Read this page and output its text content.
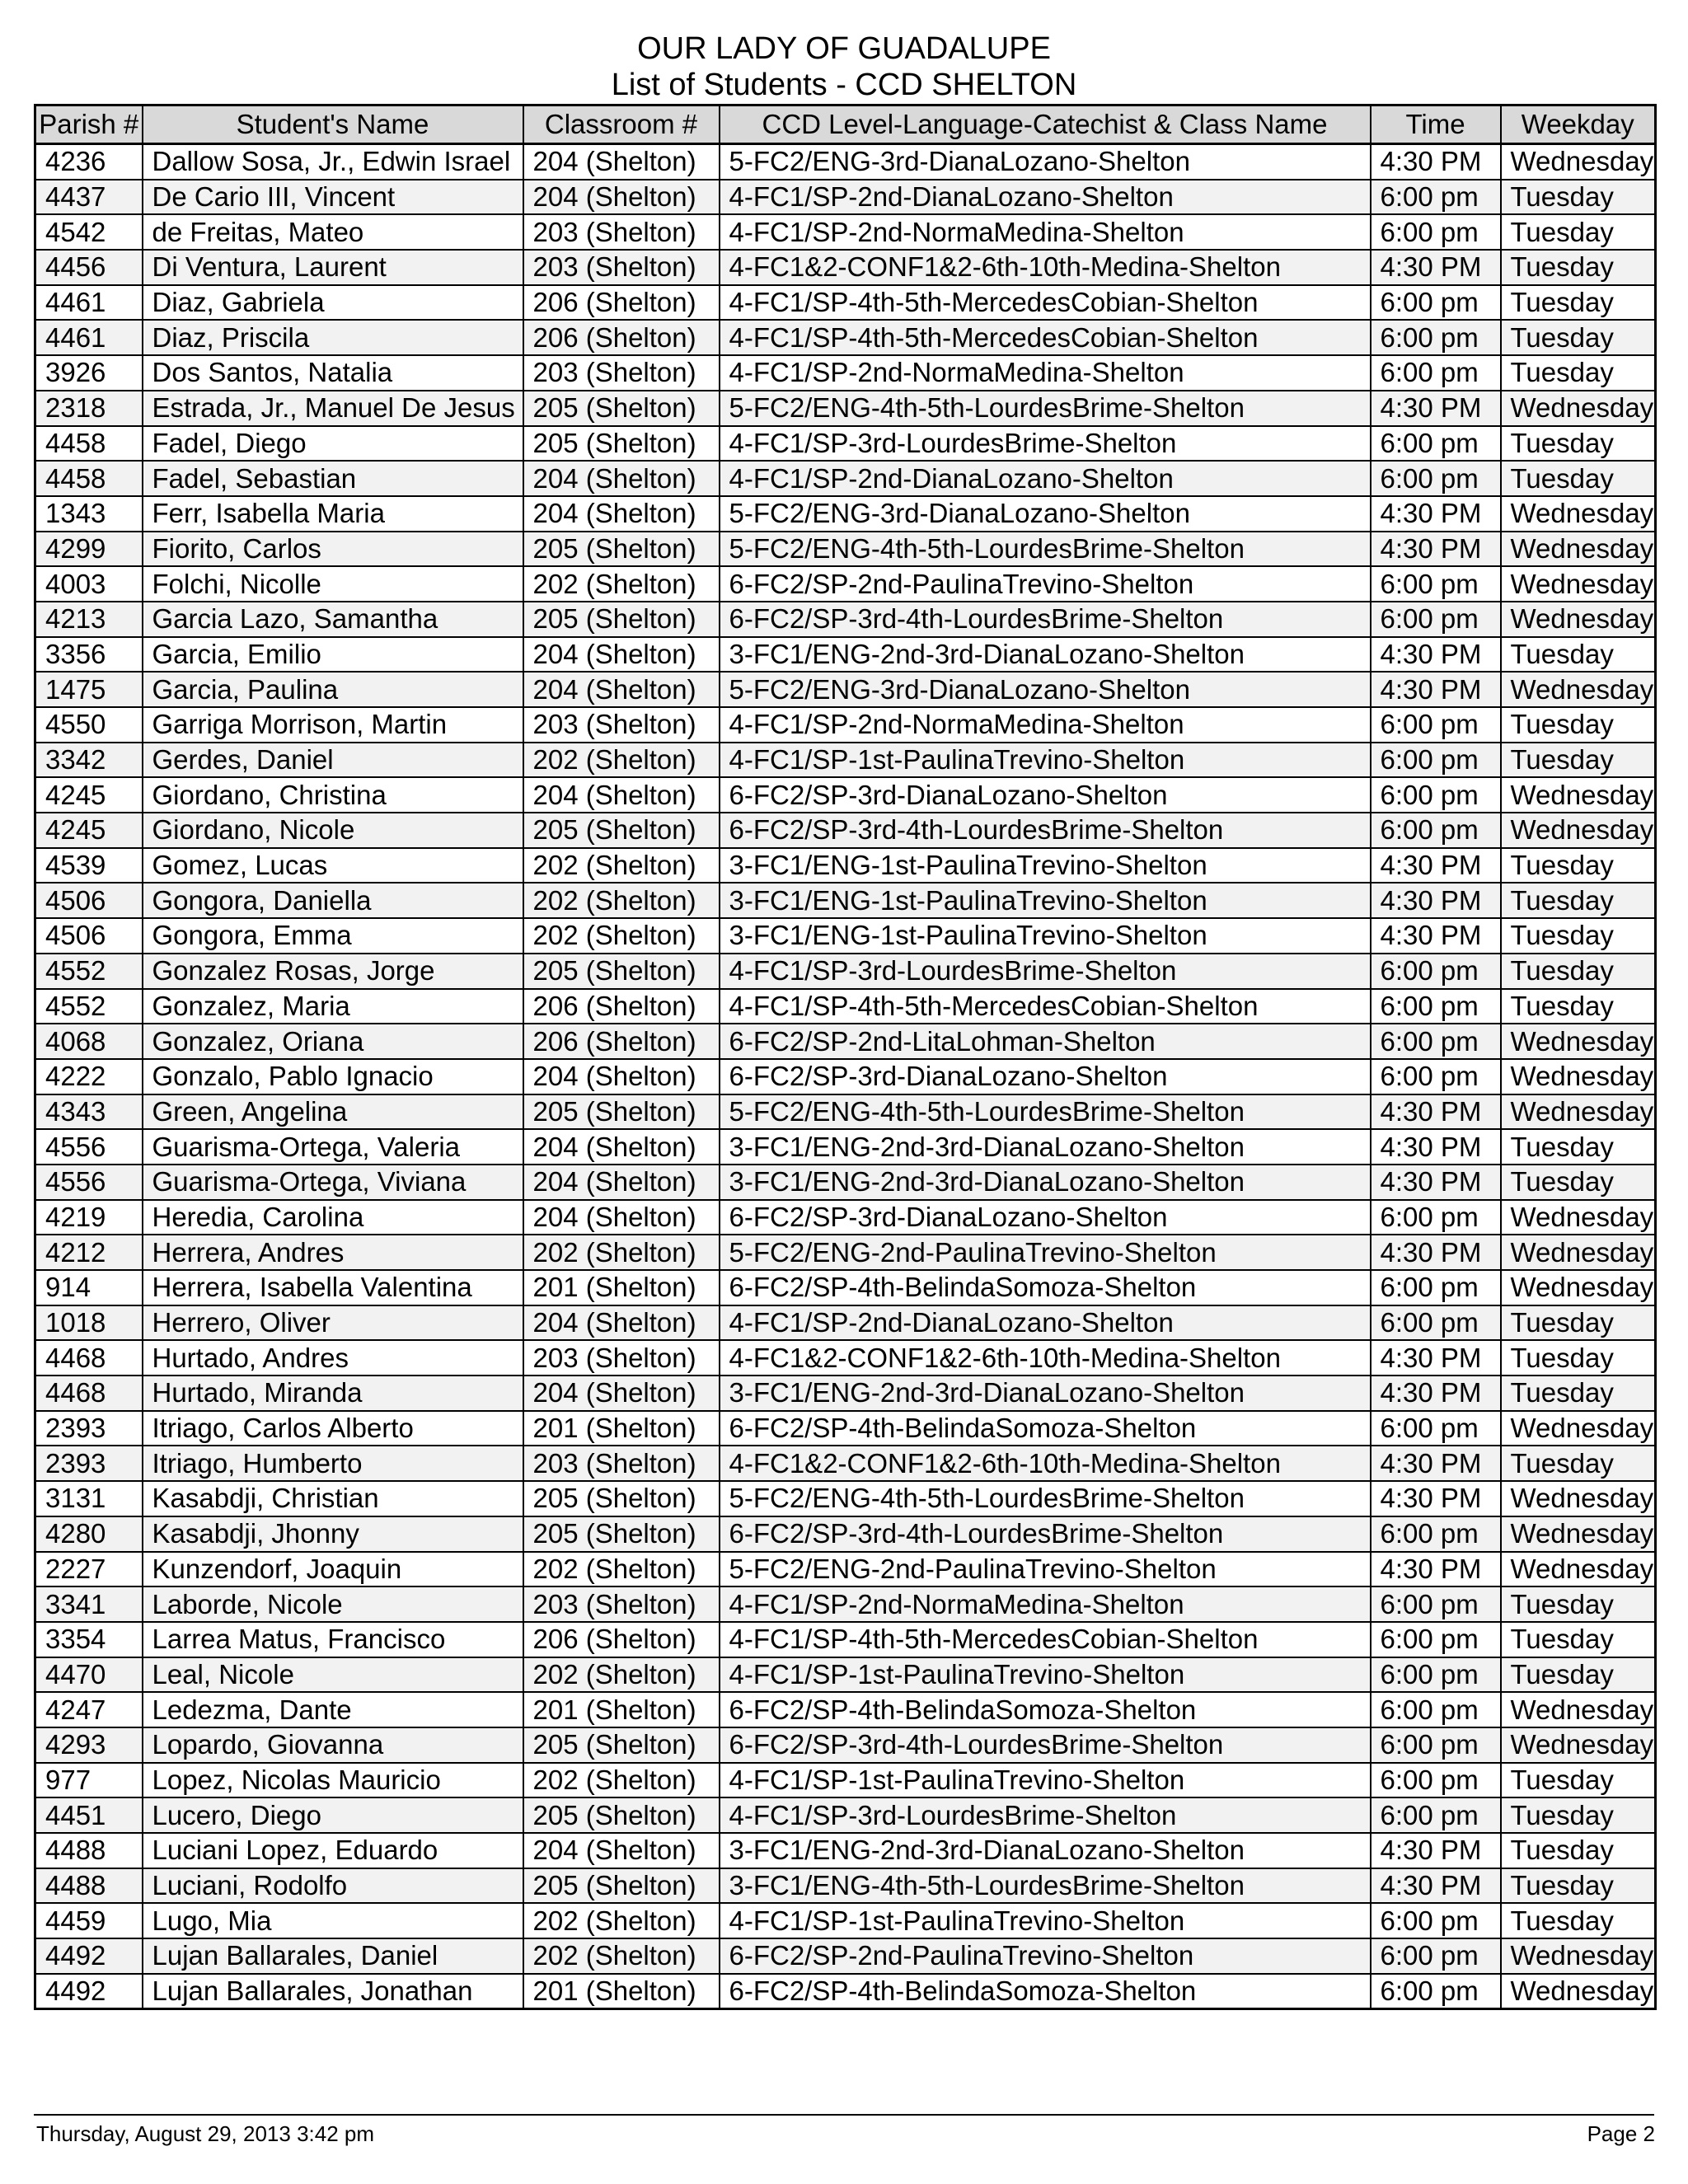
OUR LADY OF GUADALUPE
List of Students - CCD SHELTON
Parish #	Student's Name	Classroom #	CCD Level-Language-Catechist & Class Name	Time	Weekday
4236	Dallow Sosa, Jr., Edwin Israel	204 (Shelton)	5-FC2/ENG-3rd-DianaLozano-Shelton	4:30 PM	Wednesday
4437	De Cario III, Vincent	204 (Shelton)	4-FC1/SP-2nd-DianaLozano-Shelton	6:00 pm	Tuesday
4542	de Freitas, Mateo	203 (Shelton)	4-FC1/SP-2nd-NormaMedina-Shelton	6:00 pm	Tuesday
4456	Di Ventura, Laurent	203 (Shelton)	4-FC1&2-CONF1&2-6th-10th-Medina-Shelton	4:30 PM	Tuesday
4461	Diaz, Gabriela	206 (Shelton)	4-FC1/SP-4th-5th-MercedesCobian-Shelton	6:00 pm	Tuesday
4461	Diaz, Priscila	206 (Shelton)	4-FC1/SP-4th-5th-MercedesCobian-Shelton	6:00 pm	Tuesday
3926	Dos Santos, Natalia	203 (Shelton)	4-FC1/SP-2nd-NormaMedina-Shelton	6:00 pm	Tuesday
2318	Estrada, Jr., Manuel De Jesus	205 (Shelton)	5-FC2/ENG-4th-5th-LourdesBrime-Shelton	4:30 PM	Wednesday
4458	Fadel, Diego	205 (Shelton)	4-FC1/SP-3rd-LourdesBrime-Shelton	6:00 pm	Tuesday
4458	Fadel, Sebastian	204 (Shelton)	4-FC1/SP-2nd-DianaLozano-Shelton	6:00 pm	Tuesday
1343	Ferr, Isabella Maria	204 (Shelton)	5-FC2/ENG-3rd-DianaLozano-Shelton	4:30 PM	Wednesday
4299	Fiorito, Carlos	205 (Shelton)	5-FC2/ENG-4th-5th-LourdesBrime-Shelton	4:30 PM	Wednesday
4003	Folchi, Nicolle	202 (Shelton)	6-FC2/SP-2nd-PaulinaTrevino-Shelton	6:00 pm	Wednesday
4213	Garcia Lazo, Samantha	205 (Shelton)	6-FC2/SP-3rd-4th-LourdesBrime-Shelton	6:00 pm	Wednesday
3356	Garcia, Emilio	204 (Shelton)	3-FC1/ENG-2nd-3rd-DianaLozano-Shelton	4:30 PM	Tuesday
1475	Garcia, Paulina	204 (Shelton)	5-FC2/ENG-3rd-DianaLozano-Shelton	4:30 PM	Wednesday
4550	Garriga Morrison, Martin	203 (Shelton)	4-FC1/SP-2nd-NormaMedina-Shelton	6:00 pm	Tuesday
3342	Gerdes, Daniel	202 (Shelton)	4-FC1/SP-1st-PaulinaTrevino-Shelton	6:00 pm	Tuesday
4245	Giordano, Christina	204 (Shelton)	6-FC2/SP-3rd-DianaLozano-Shelton	6:00 pm	Wednesday
4245	Giordano, Nicole	205 (Shelton)	6-FC2/SP-3rd-4th-LourdesBrime-Shelton	6:00 pm	Wednesday
4539	Gomez, Lucas	202 (Shelton)	3-FC1/ENG-1st-PaulinaTrevino-Shelton	4:30 PM	Tuesday
4506	Gongora, Daniella	202 (Shelton)	3-FC1/ENG-1st-PaulinaTrevino-Shelton	4:30 PM	Tuesday
4506	Gongora, Emma	202 (Shelton)	3-FC1/ENG-1st-PaulinaTrevino-Shelton	4:30 PM	Tuesday
4552	Gonzalez Rosas, Jorge	205 (Shelton)	4-FC1/SP-3rd-LourdesBrime-Shelton	6:00 pm	Tuesday
4552	Gonzalez, Maria	206 (Shelton)	4-FC1/SP-4th-5th-MercedesCobian-Shelton	6:00 pm	Tuesday
4068	Gonzalez, Oriana	206 (Shelton)	6-FC2/SP-2nd-LitaLohman-Shelton	6:00 pm	Wednesday
4222	Gonzalo, Pablo Ignacio	204 (Shelton)	6-FC2/SP-3rd-DianaLozano-Shelton	6:00 pm	Wednesday
4343	Green, Angelina	205 (Shelton)	5-FC2/ENG-4th-5th-LourdesBrime-Shelton	4:30 PM	Wednesday
4556	Guarisma-Ortega, Valeria	204 (Shelton)	3-FC1/ENG-2nd-3rd-DianaLozano-Shelton	4:30 PM	Tuesday
4556	Guarisma-Ortega, Viviana	204 (Shelton)	3-FC1/ENG-2nd-3rd-DianaLozano-Shelton	4:30 PM	Tuesday
4219	Heredia, Carolina	204 (Shelton)	6-FC2/SP-3rd-DianaLozano-Shelton	6:00 pm	Wednesday
4212	Herrera, Andres	202 (Shelton)	5-FC2/ENG-2nd-PaulinaTrevino-Shelton	4:30 PM	Wednesday
914	Herrera, Isabella Valentina	201 (Shelton)	6-FC2/SP-4th-BelindaSomoza-Shelton	6:00 pm	Wednesday
1018	Herrero, Oliver	204 (Shelton)	4-FC1/SP-2nd-DianaLozano-Shelton	6:00 pm	Tuesday
4468	Hurtado, Andres	203 (Shelton)	4-FC1&2-CONF1&2-6th-10th-Medina-Shelton	4:30 PM	Tuesday
4468	Hurtado, Miranda	204 (Shelton)	3-FC1/ENG-2nd-3rd-DianaLozano-Shelton	4:30 PM	Tuesday
2393	Itriago, Carlos Alberto	201 (Shelton)	6-FC2/SP-4th-BelindaSomoza-Shelton	6:00 pm	Wednesday
2393	Itriago, Humberto	203 (Shelton)	4-FC1&2-CONF1&2-6th-10th-Medina-Shelton	4:30 PM	Tuesday
3131	Kasabdji, Christian	205 (Shelton)	5-FC2/ENG-4th-5th-LourdesBrime-Shelton	4:30 PM	Wednesday
4280	Kasabdji, Jhonny	205 (Shelton)	6-FC2/SP-3rd-4th-LourdesBrime-Shelton	6:00 pm	Wednesday
2227	Kunzendorf, Joaquin	202 (Shelton)	5-FC2/ENG-2nd-PaulinaTrevino-Shelton	4:30 PM	Wednesday
3341	Laborde, Nicole	203 (Shelton)	4-FC1/SP-2nd-NormaMedina-Shelton	6:00 pm	Tuesday
3354	Larrea Matus, Francisco	206 (Shelton)	4-FC1/SP-4th-5th-MercedesCobian-Shelton	6:00 pm	Tuesday
4470	Leal, Nicole	202 (Shelton)	4-FC1/SP-1st-PaulinaTrevino-Shelton	6:00 pm	Tuesday
4247	Ledezma, Dante	201 (Shelton)	6-FC2/SP-4th-BelindaSomoza-Shelton	6:00 pm	Wednesday
4293	Lopardo, Giovanna	205 (Shelton)	6-FC2/SP-3rd-4th-LourdesBrime-Shelton	6:00 pm	Wednesday
977	Lopez, Nicolas Mauricio	202 (Shelton)	4-FC1/SP-1st-PaulinaTrevino-Shelton	6:00 pm	Tuesday
4451	Lucero, Diego	205 (Shelton)	4-FC1/SP-3rd-LourdesBrime-Shelton	6:00 pm	Tuesday
4488	Luciani Lopez, Eduardo	204 (Shelton)	3-FC1/ENG-2nd-3rd-DianaLozano-Shelton	4:30 PM	Tuesday
4488	Luciani, Rodolfo	205 (Shelton)	3-FC1/ENG-4th-5th-LourdesBrime-Shelton	4:30 PM	Tuesday
4459	Lugo, Mia	202 (Shelton)	4-FC1/SP-1st-PaulinaTrevino-Shelton	6:00 pm	Tuesday
4492	Lujan Ballarales, Daniel	202 (Shelton)	6-FC2/SP-2nd-PaulinaTrevino-Shelton	6:00 pm	Wednesday
4492	Lujan Ballarales, Jonathan	201 (Shelton)	6-FC2/SP-4th-BelindaSomoza-Shelton	6:00 pm	Wednesday
Thursday, August 29, 2013 3:42 pm	Page 2
